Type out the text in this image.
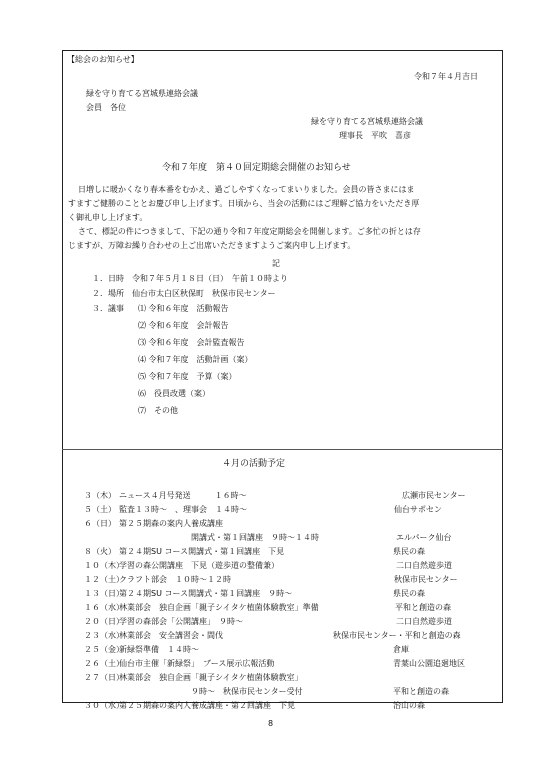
【総会のお知らせ】
令和７年４月吉日
緑を守り育てる宮城県連絡会議
会員　各位
緑を守り育てる宮城県連絡会議
理事長　平吹　喜彦
令和７年度　第４０回定期総会開催のお知らせ
日増しに暖かくなり春本番をむかえ、過ごしやすくなってまいりました。会員の皆さまにはま
すますご健勝のこととお慶び申し上げます。日頃から、当会の活動にはご理解ご協力をいただき厚
く御礼申し上げます。
さて、標記の件につきまして、下記の通り令和７年度定期総会を開催します。ご多忙の折とは存
じますが、万障お繰り合わせの上ご出席いただきますようご案内申し上げます。
記
１．日時　令和７年５月１８日（日）　午前１０時より
２．場所　仙台市太白区秋保町　秋保市民センター
３．議事 ⑴ 令和６年度　活動報告
⑵ 令和６年度　会計報告
⑶ 令和６年度　会計監査報告
⑷ 令和７年度　活動計画（案）
⑸ 令和７年度　予算（案）
⑹　役員改選（案）
⑺　その他
４月の活動予定
３（木） ニュース４月号発送　　　１６時～	広瀬市民センター
５（土） 監査１３時～　、理事会　１４時～	仙台サポセン
６（日） 第２５期森の案内人養成講座
開講式・第１回講座　９時～１４時	エルパーク仙台
８（火） 第２４期SU コース開講式・第１回講座　下見	県民の森
１０（木）
学習の森公開講座　下見（遊歩道の整備兼）	二口自然遊歩道
１２（土）
クラフト部会　１０時～１２時	秋保市民センター
１３（日）
第２４期SU コース開講式・第１回講座　９時～	県民の森
１６（水）
林業部会　独自企画「親子シイタケ植菌体験教室」準備	平和と創造の森
２０（日）
学習の森部会「公開講座」　９時～	二口自然遊歩道
２３（水）
林業部会　安全講習会・間伐	秋保市民センター・平和と創造の森
２５（金）
新緑祭準備　１４時～	倉庫
２６（土）
仙台市主催「新緑祭」　ブース展示広報活動	青葉山公園追廻地区
２７（日）
林業部会　独自企画「親子シイタケ植菌体験教室」
９時～　秋保市民センター受付	平和と創造の森
３０（水）
第２５期森の案内人養成講座・第２回講座　下見	治山の森
8
